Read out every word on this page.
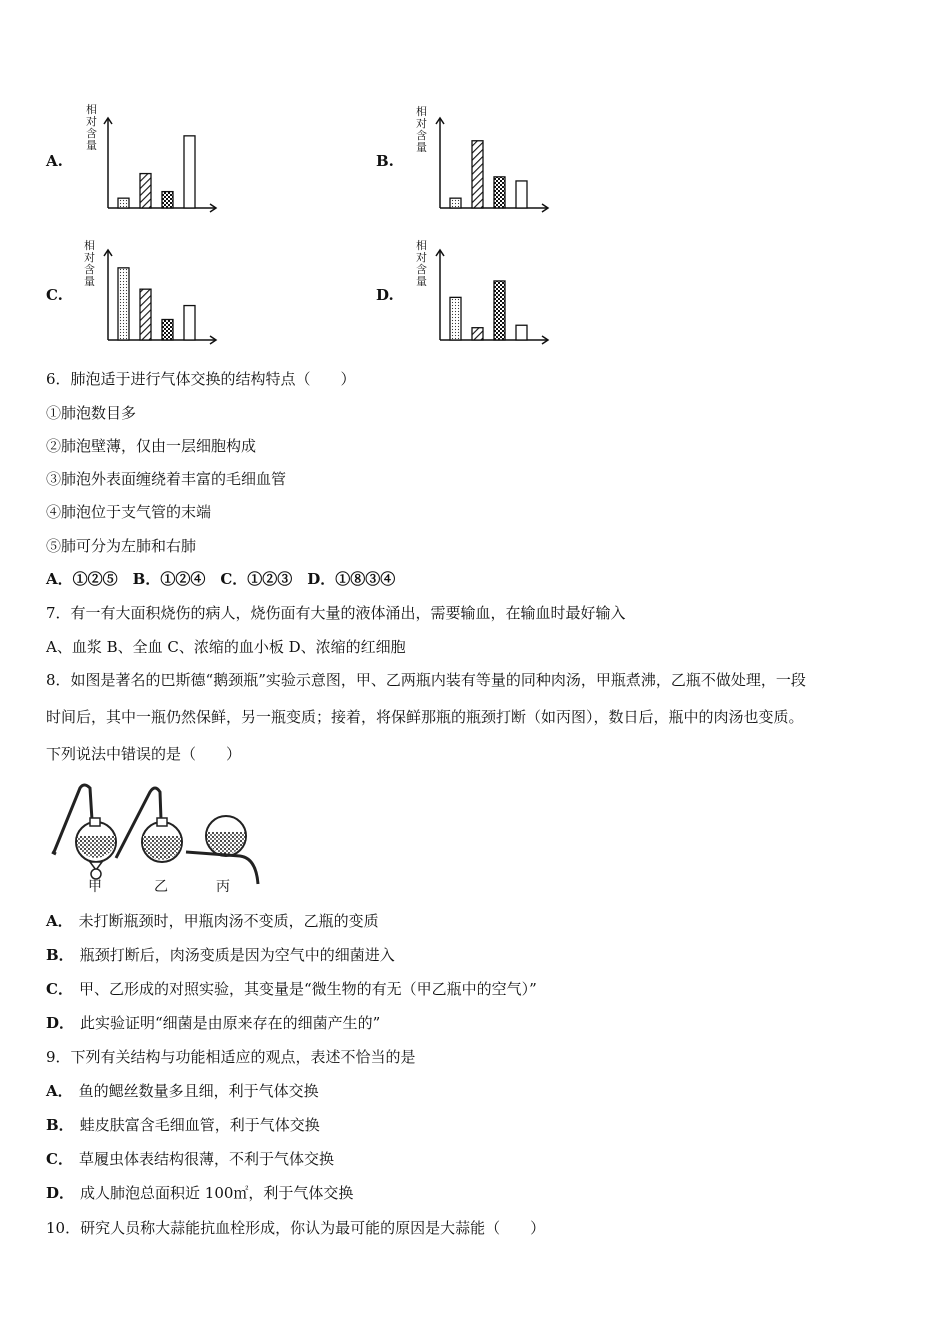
A.
相对含量
B.
相对含量
C.
相对含量
D.
相对含量
6．肺泡适于进行气体交换的结构特点（　　）
①肺泡数目多
②肺泡壁薄，仅由一层细胞构成
③肺泡外表面缠绕着丰富的毛细血管
④肺泡位于支气管的末端
⑤肺可分为左肺和右肺
A．①②⑤　B．①②④　C．①②③　D．①⑧③④
7．有一有大面积烧伤的病人，烧伤面有大量的液体涌出，需要输血，在输血时最好输入
A、血浆 B、全血 C、浓缩的血小板 D、浓缩的红细胞
8．如图是著名的巴斯德“鹅颈瓶”实验示意图，甲、乙两瓶内装有等量的同种肉汤，甲瓶煮沸，乙瓶不做处理，一段
时间后，其中一瓶仍然保鲜，另一瓶变质；接着，将保鲜那瓶的瓶颈打断（如丙图），数日后，瓶中的肉汤也变质。
下列说法中错误的是（　　）
甲	乙	丙
A． 未打断瓶颈时，甲瓶肉汤不变质，乙瓶的变质
B． 瓶颈打断后，肉汤变质是因为空气中的细菌进入
C． 甲、乙形成的对照实验，其变量是“微生物的有无（甲乙瓶中的空气）”
D． 此实验证明“细菌是由原来存在的细菌产生的”
9．下列有关结构与功能相适应的观点，表述不恰当的是
A． 鱼的鳃丝数量多且细，利于气体交换
B． 蛙皮肤富含毛细血管，利于气体交换
C． 草履虫体表结构很薄，不利于气体交换
D． 成人肺泡总面积近 100㎡，利于气体交换
10．研究人员称大蒜能抗血栓形成，你认为最可能的原因是大蒜能（　　）
